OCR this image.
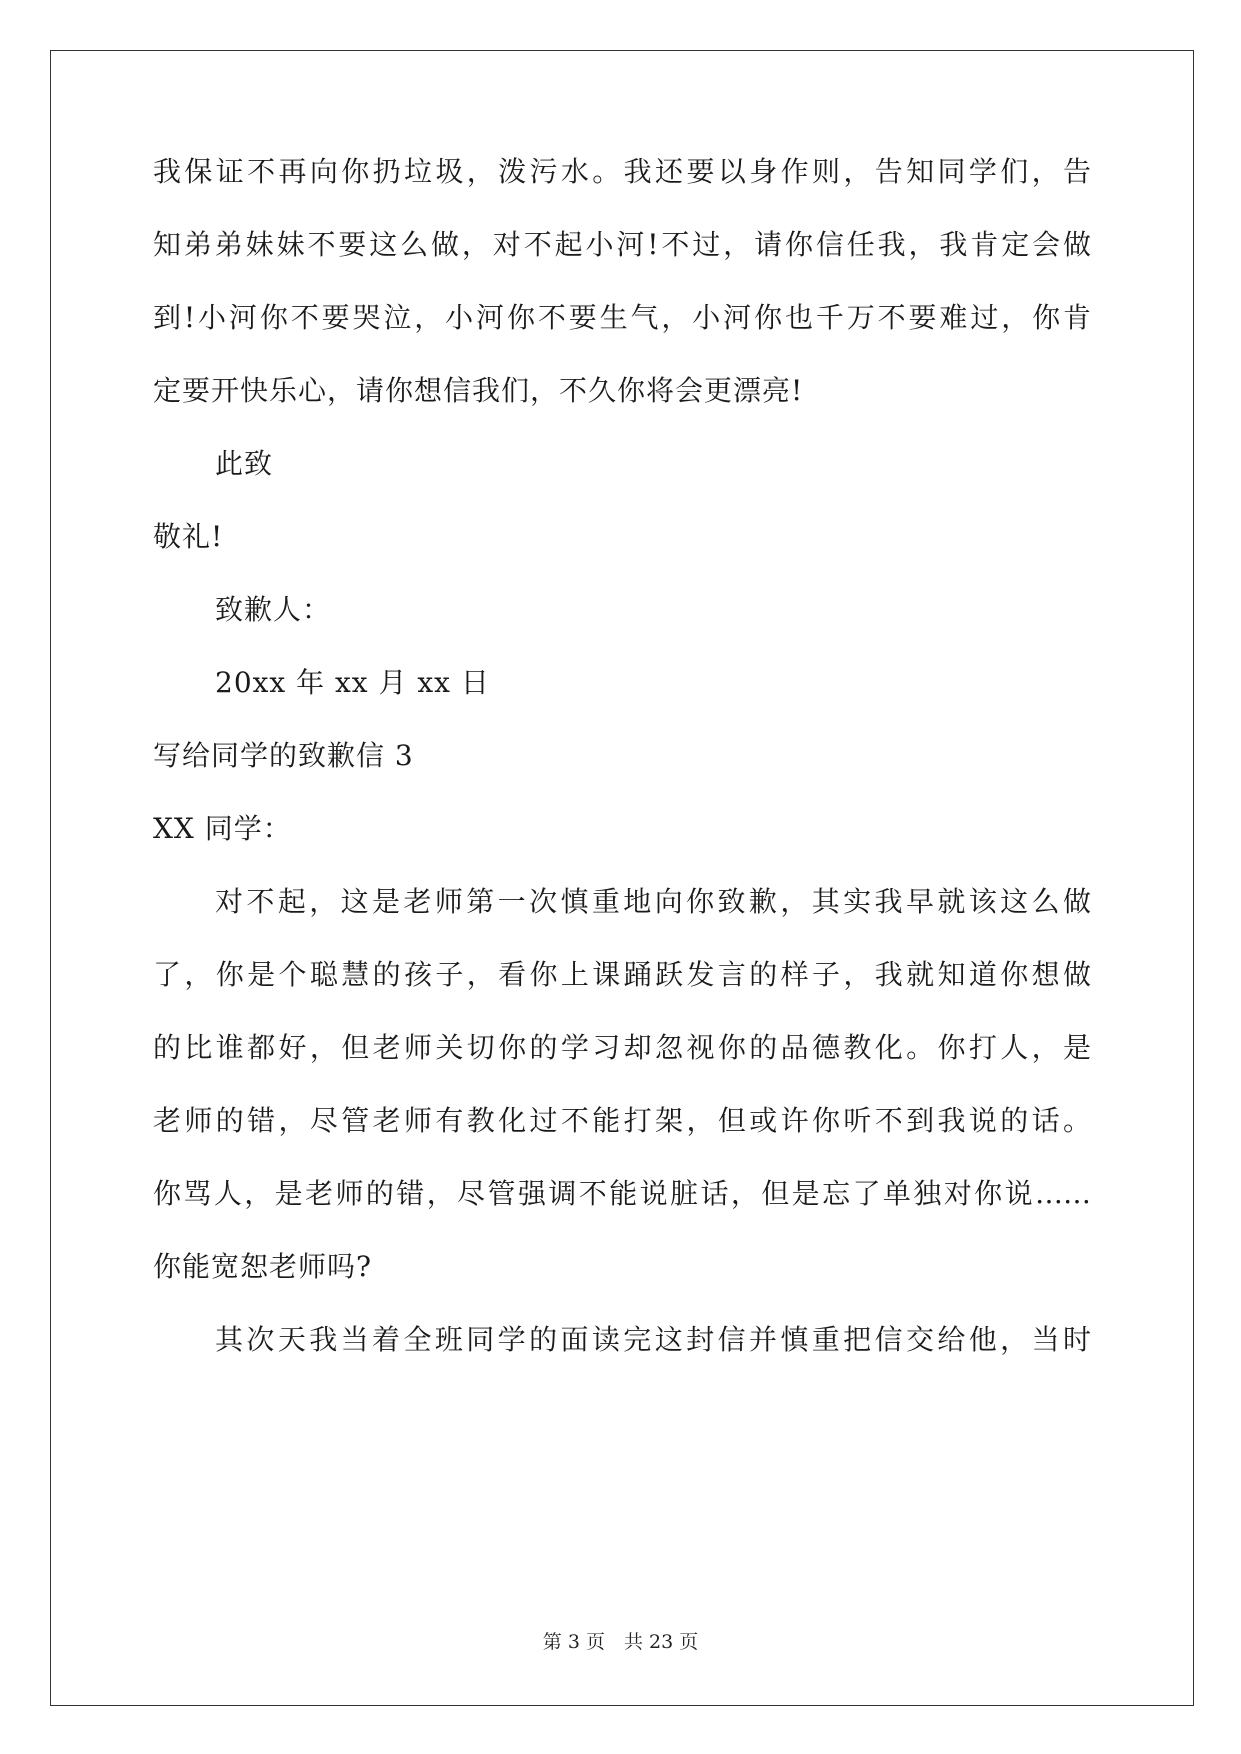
我保证不再向你扔垃圾，泼污水。我还要以身作则，告知同学们，告
知弟弟妹妹不要这么做，对不起小河!不过，请你信任我，我肯定会做
到!小河你不要哭泣，小河你不要生气，小河你也千万不要难过，你肯
定要开快乐心，请你想信我们，不久你将会更漂亮!
此致
敬礼!
致歉人：
20xx 年 xx 月 xx 日
写给同学的致歉信 3
XX 同学：
对不起，这是老师第一次慎重地向你致歉，其实我早就该这么做
了，你是个聪慧的孩子，看你上课踊跃发言的样子，我就知道你想做
的比谁都好，但老师关切你的学习却忽视你的品德教化。你打人，是
老师的错，尽管老师有教化过不能打架，但或许你听不到我说的话。
你骂人，是老师的错，尽管强调不能说脏话，但是忘了单独对你说……
你能宽恕老师吗?
其次天我当着全班同学的面读完这封信并慎重把信交给他，当时
第 3 页　共 23 页
